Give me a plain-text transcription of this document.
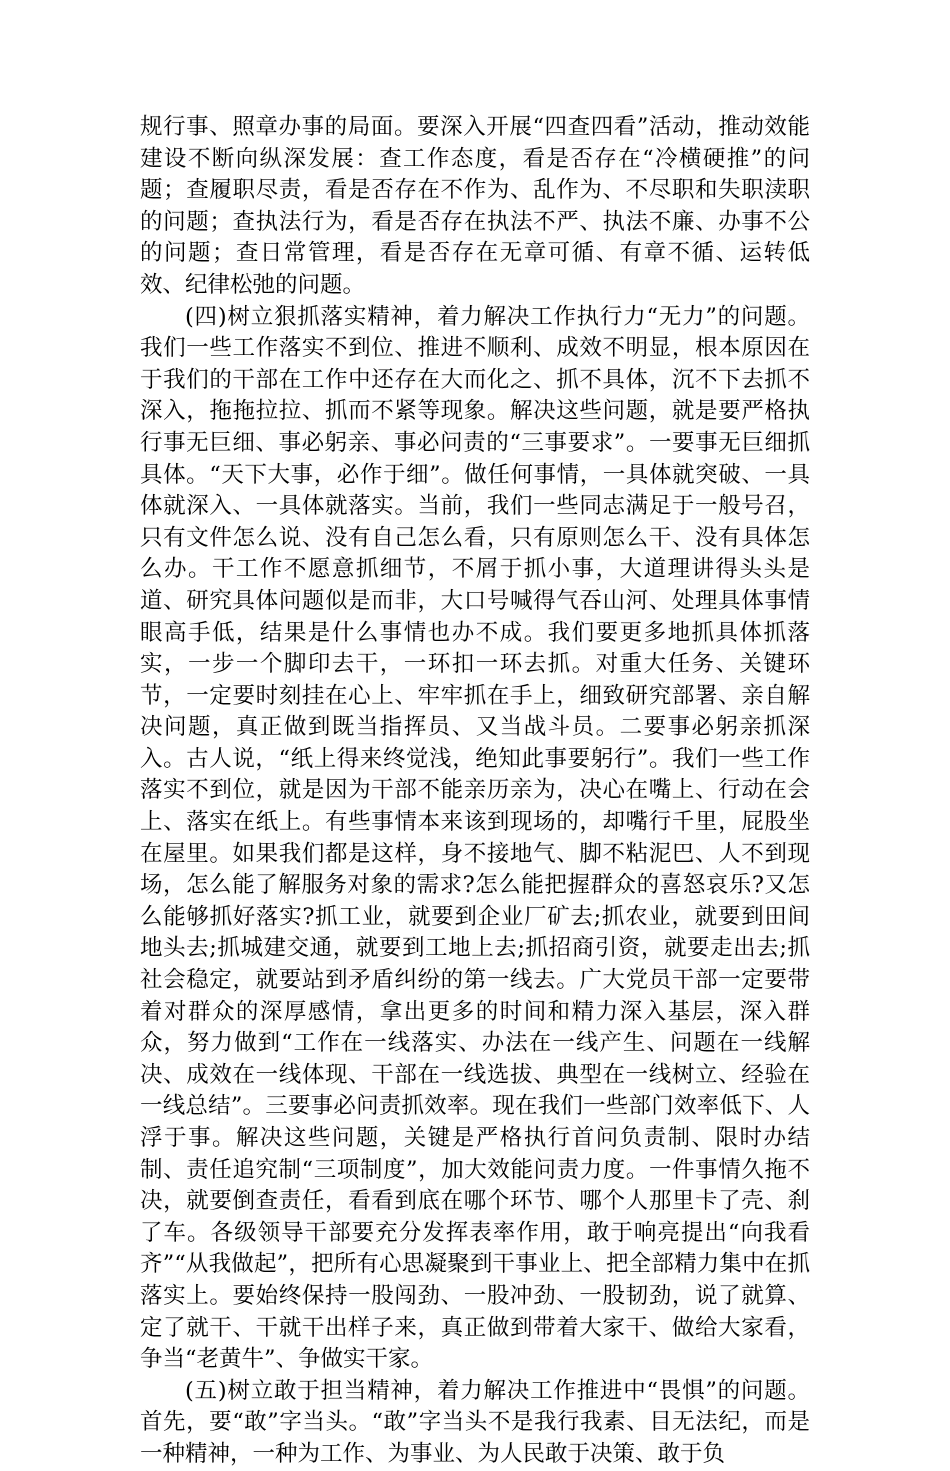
规行事、照章办事的局面。要深入开展“四查四看”活动，推动效能建设不断向纵深发展：查工作态度，看是否存在“冷横硬推”的问题；查履职尽责，看是否存在不作为、乱作为、不尽职和失职渎职的问题；查执法行为，看是否存在执法不严、执法不廉、办事不公的问题；查日常管理，看是否存在无章可循、有章不循、运转低效、纪律松弛的问题。

(四)树立狠抓落实精神，着力解决工作执行力“无力”的问题。我们一些工作落实不到位、推进不顺利、成效不明显，根本原因在于我们的干部在工作中还存在大而化之、抓不具体，沉不下去抓不深入，拖拖拉拉、抓而不紧等现象。解决这些问题，就是要严格执行事无巨细、事必躬亲、事必问责的“三事要求”。一要事无巨细抓具体。“天下大事，必作于细”。做任何事情，一具体就突破、一具体就深入、一具体就落实。当前，我们一些同志满足于一般号召，只有文件怎么说、没有自己怎么看，只有原则怎么干、没有具体怎么办。干工作不愿意抓细节，不屑于抓小事，大道理讲得头头是道、研究具体问题似是而非，大口号喊得气吞山河、处理具体事情眼高手低，结果是什么事情也办不成。我们要更多地抓具体抓落实，一步一个脚印去干，一环扣一环去抓。对重大任务、关键环节，一定要时刻挂在心上、牢牢抓在手上，细致研究部署、亲自解决问题，真正做到既当指挥员、又当战斗员。二要事必躬亲抓深入。古人说，“纸上得来终觉浅，绝知此事要躬行”。我们一些工作落实不到位，就是因为干部不能亲历亲为，决心在嘴上、行动在会上、落实在纸上。有些事情本来该到现场的，却嘴行千里，屁股坐在屋里。如果我们都是这样，身不接地气、脚不粘泥巴、人不到现场，怎么能了解服务对象的需求?怎么能把握群众的喜怒哀乐?又怎么能够抓好落实?抓工业，就要到企业厂矿去;抓农业，就要到田间地头去;抓城建交通，就要到工地上去;抓招商引资，就要走出去;抓社会稳定，就要站到矛盾纠纷的第一线去。广大党员干部一定要带着对群众的深厚感情，拿出更多的时间和精力深入基层，深入群众，努力做到“工作在一线落实、办法在一线产生、问题在一线解决、成效在一线体现、干部在一线选拔、典型在一线树立、经验在一线总结”。三要事必问责抓效率。现在我们一些部门效率低下、人浮于事。解决这些问题，关键是严格执行首问负责制、限时办结制、责任追究制“三项制度”，加大效能问责力度。一件事情久拖不决，就要倒查责任，看看到底在哪个环节、哪个人那里卡了壳、刹了车。各级领导干部要充分发挥表率作用，敢于响亮提出“向我看齐”“从我做起”，把所有心思凝聚到干事业上、把全部精力集中在抓落实上。要始终保持一股闯劲、一股冲劲、一股韧劲，说了就算、定了就干、干就干出样子来，真正做到带着大家干、做给大家看，争当“老黄牛”、争做实干家。

(五)树立敢于担当精神，着力解决工作推进中“畏惧”的问题。首先，要“敢”字当头。“敢”字当头不是我行我素、目无法纪，而是一种精神，一种为工作、为事业、为人民敢于决策、敢于负
